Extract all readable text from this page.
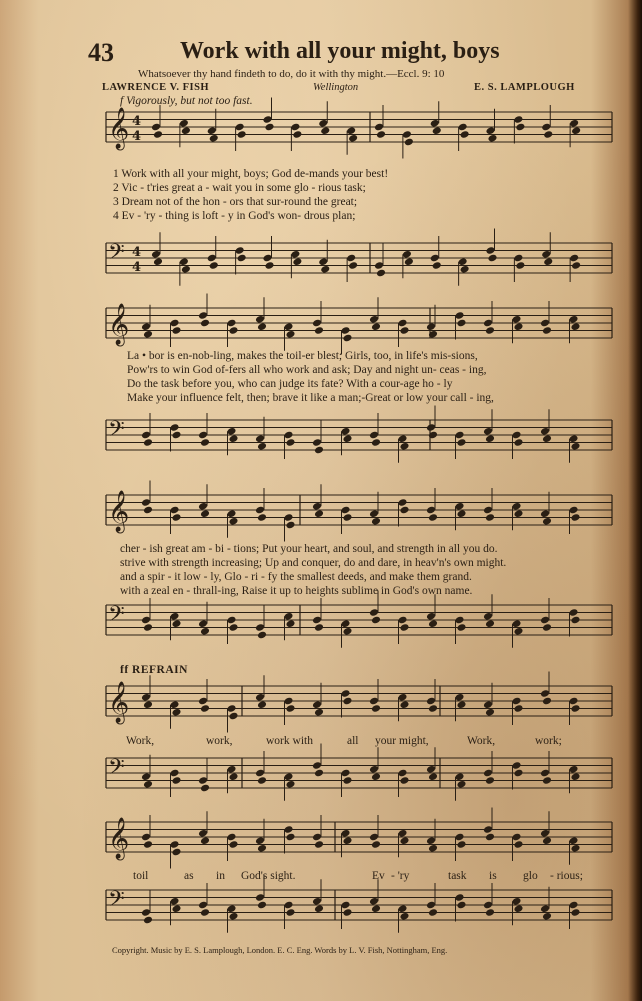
43	Work with all your might, boys
Whatsoever thy hand findeth to do, do it with thy might.—Eccl. 9: 10
LAWRENCE V. FISH	Wellington	E. S. LAMPLOUGH
f Vigorously, but not too fast.
𝄞 4
4
𝄢 4
4
𝄞
𝄢
𝄞
𝄢
𝄞
𝄢
𝄞
𝄢
1 Work with all your might, boys; God de-mands your best!
2 Vic - t'ries great a - wait you in some glo - rious task;
3 Dream not of the hon - ors that sur-round the great;
4 Ev - 'ry - thing is loft - y in God's won- drous plan;
La • bor is en-nob-ling, makes the toil-er blest; Girls, too, in life's mis-sions,
Pow'rs to win God of-fers all who work and ask; Day and night un- ceas - ing,
Do the task before you, who can judge its fate? With a cour-age ho - ly
Make your influence felt, then; brave it like a man;-Great or low your call - ing,
cher - ish great am - bi - tions; Put your heart, and soul, and strength in all you do.
strive with strength increasing; Up and conquer, do and dare, in heav'n's own might.
and a spir - it low - ly, Glo - ri - fy the smallest deeds, and make them grand.
with a zeal en - thrall-ing, Raise it up to heights sublime in God's own name.
ff REFRAIN
Work,	work,	work with	all your might,	Work,	work;
toil	as in God's sight.	Ev - 'ry	task is glo - rious;
Copyright. Music by E. S. Lamplough, London. E. C. Eng. Words by L. V. Fish, Nottingham, Eng.
